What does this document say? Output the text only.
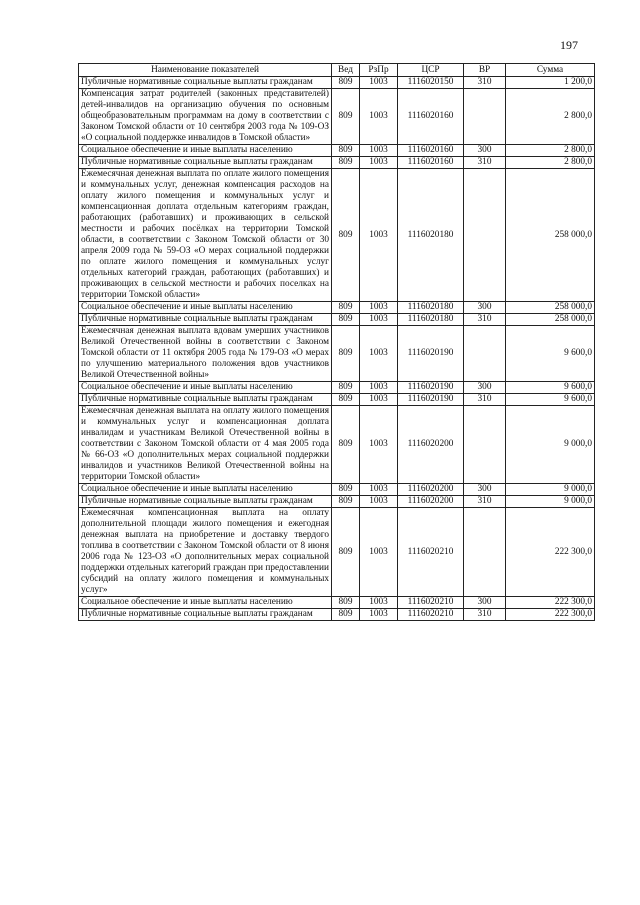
197
Наименование показателей	Вед	РзПр	ЦСР	ВР	Сумма
Публичные нормативные социальные выплаты гражданам	809	1003	1116020150	310	1 200,0
Компенсация затрат родителей (законных представителей) детей-инвалидов на организацию обучения по основным общеобразовательным программам на дому в соответствии с Законом Томской области от 10 сентября 2003 года № 109-ОЗ «О социальной поддержке инвалидов в Томской области»	809	1003	1116020160		2 800,0
Социальное обеспечение и иные выплаты населению	809	1003	1116020160	300	2 800,0
Публичные нормативные социальные выплаты гражданам	809	1003	1116020160	310	2 800,0
Ежемесячная денежная выплата по оплате жилого помещения и коммунальных услуг, денежная компенсация расходов на оплату жилого помещения и коммунальных услуг и компенсационная доплата отдельным категориям граждан, работающих (работавших) и проживающих в сельской местности и рабочих посёлках на территории Томской области, в соответствии с Законом Томской области от 30 апреля 2009 года № 59-ОЗ «О мерах социальной поддержки по оплате жилого помещения и коммунальных услуг отдельных категорий граждан, работающих (работавших) и проживающих в сельской местности и рабочих поселках на территории Томской области»	809	1003	1116020180		258 000,0
Социальное обеспечение и иные выплаты населению	809	1003	1116020180	300	258 000,0
Публичные нормативные социальные выплаты гражданам	809	1003	1116020180	310	258 000,0
Ежемесячная денежная выплата вдовам умерших участников Великой Отечественной войны в соответствии с Законом Томской области от 11 октября 2005 года № 179-ОЗ «О мерах по улучшению материального положения вдов участников Великой Отечественной войны»	809	1003	1116020190		9 600,0
Социальное обеспечение и иные выплаты населению	809	1003	1116020190	300	9 600,0
Публичные нормативные социальные выплаты гражданам	809	1003	1116020190	310	9 600,0
Ежемесячная денежная выплата на оплату жилого помещения и коммунальных услуг и компенсационная доплата инвалидам и участникам Великой Отечественной войны в соответствии с Законом Томской области от 4 мая 2005 года № 66-ОЗ «О дополнительных мерах социальной поддержки инвалидов и участников Великой Отечественной войны на территории Томской области»	809	1003	1116020200		9 000,0
Социальное обеспечение и иные выплаты населению	809	1003	1116020200	300	9 000,0
Публичные нормативные социальные выплаты гражданам	809	1003	1116020200	310	9 000,0
Ежемесячная компенсационная выплата на оплату дополнительной площади жилого помещения и ежегодная денежная выплата на приобретение и доставку твердого топлива в соответствии с Законом Томской области от 8 июня 2006 года № 123-ОЗ «О дополнительных мерах социальной поддержки отдельных категорий граждан при предоставлении субсидий на оплату жилого помещения и коммунальных услуг»	809	1003	1116020210		222 300,0
Социальное обеспечение и иные выплаты населению	809	1003	1116020210	300	222 300,0
Публичные нормативные социальные выплаты гражданам	809	1003	1116020210	310	222 300,0
